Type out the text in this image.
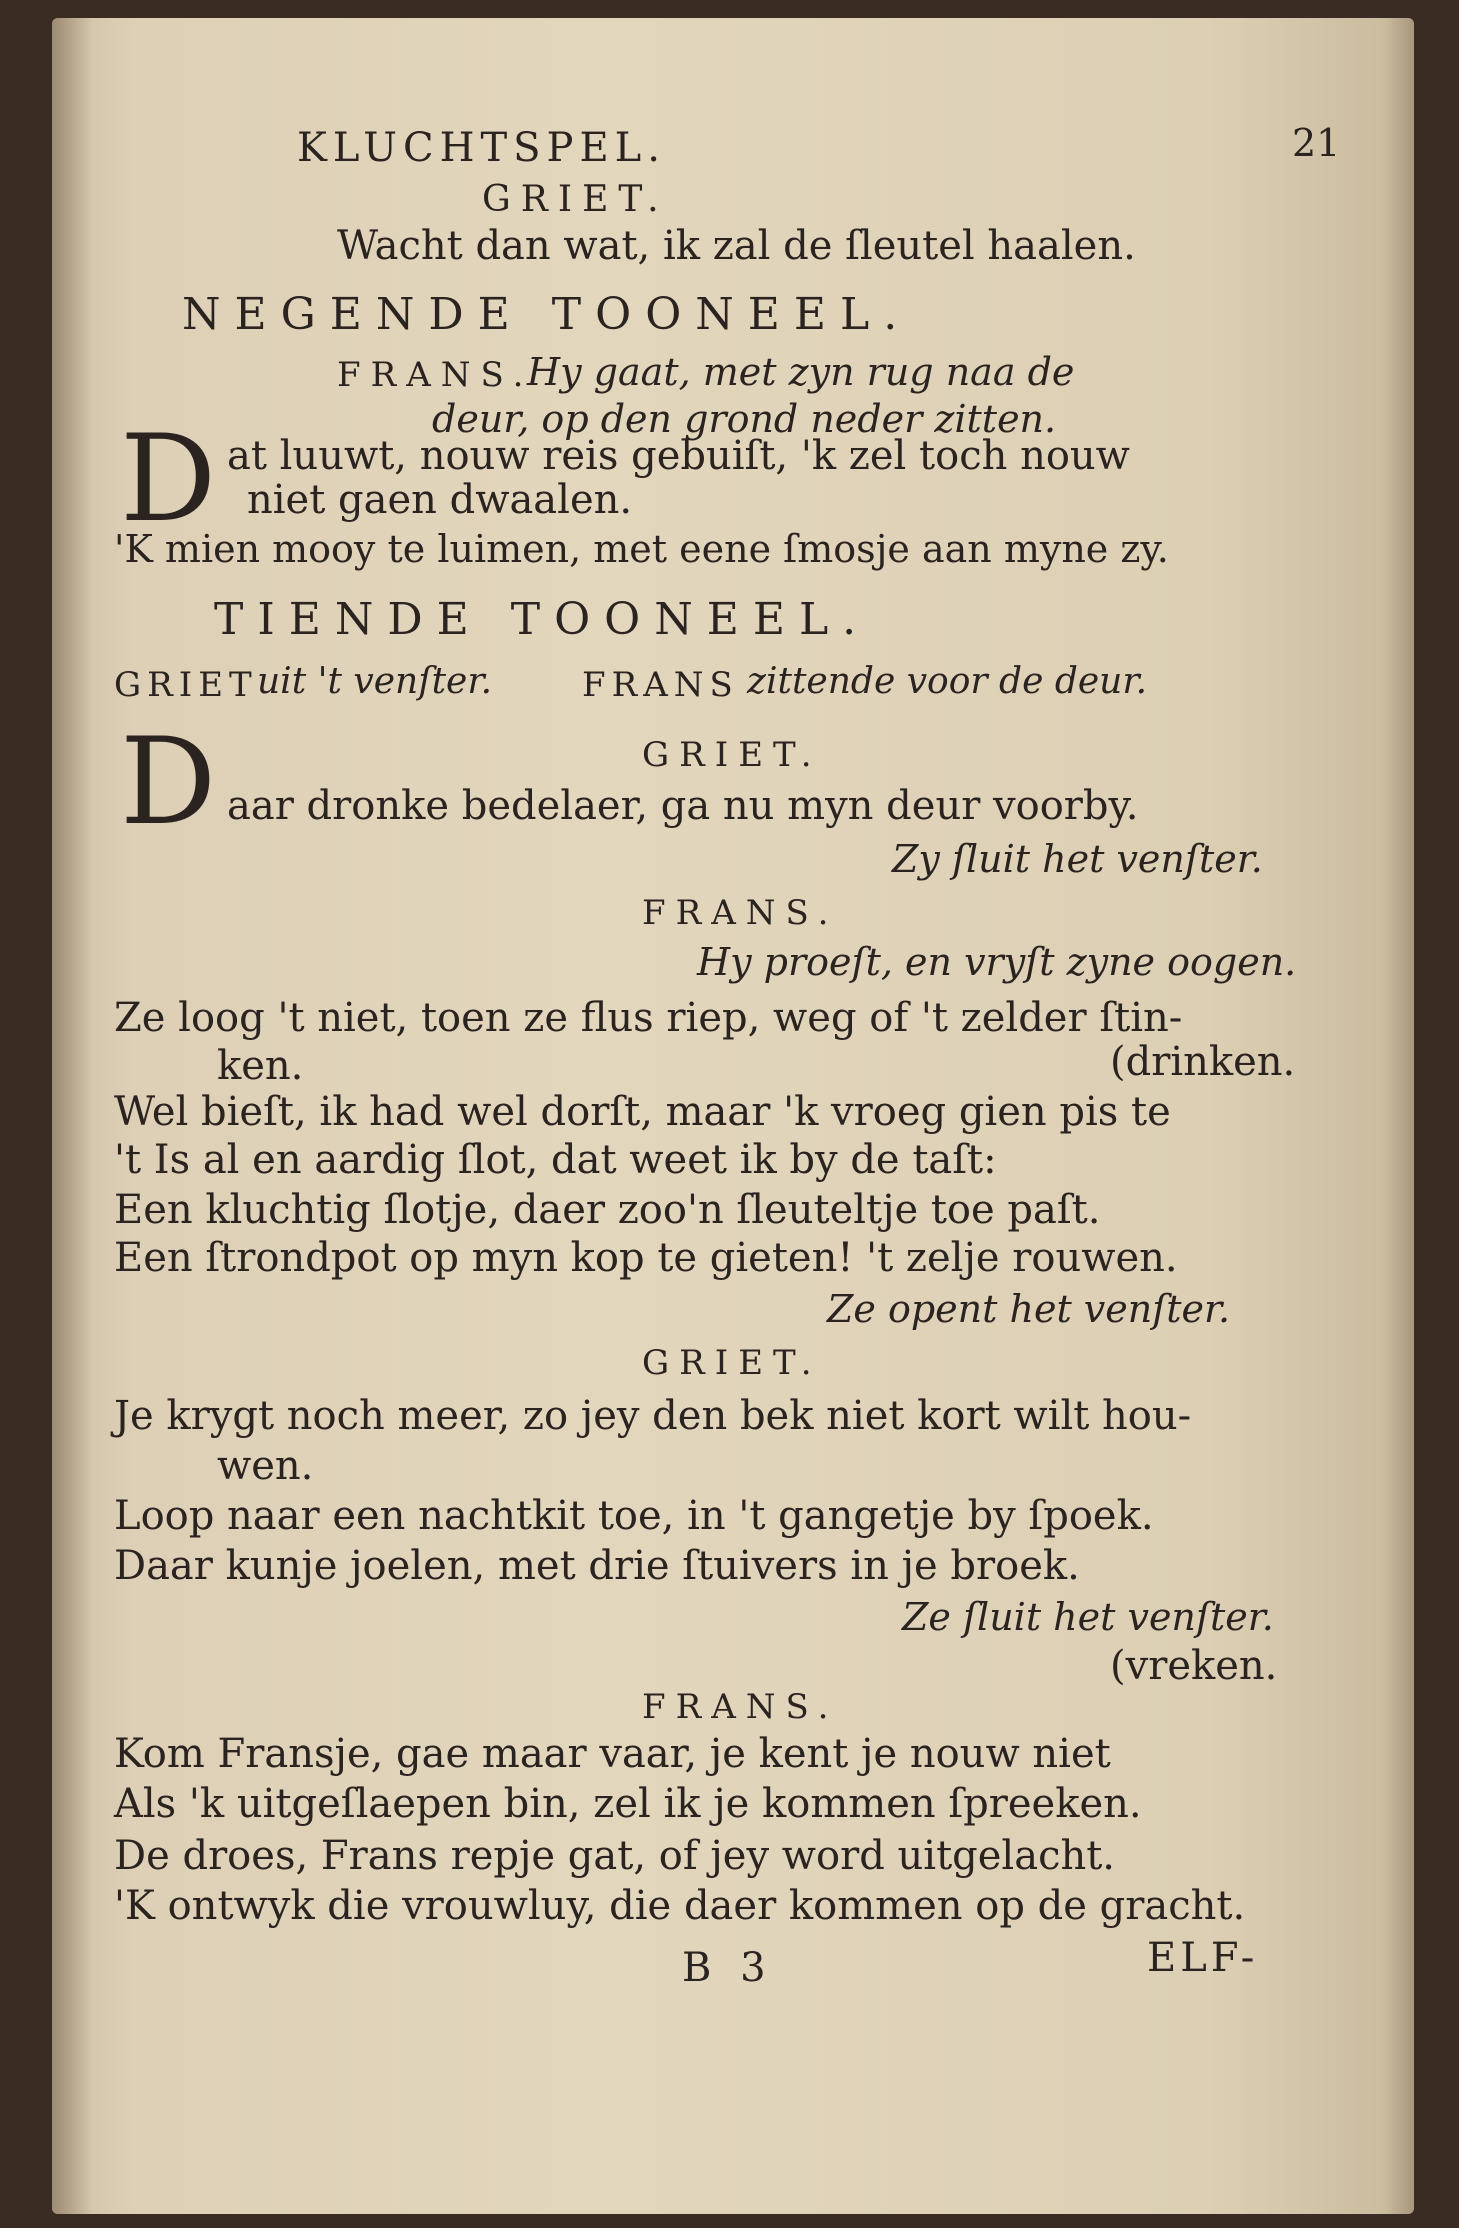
KLUCHTSPEL.	21
GRIET.
Wacht dan wat, ik zal de ſleutel haalen.
NEGENDE TOONEEL.
FRANS.
Hy gaat, met zyn rug naa de
deur, op den grond neder zitten.
D at luuwt, nouw reis gebuiſt, 'k zel toch nouw
niet gaen dwaalen.
'K mien mooy te luimen, met eene ſmosje aan myne zy.
TIENDE TOONEEL.
GRIET uit 't venſter.	FRANS zittende voor de deur.
GRIET.
D aar dronke bedelaer, ga nu myn deur voorby.
Zy ſluit het venſter.
FRANS.
Hy proeſt, en vryſt zyne oogen.
Ze loog 't niet, toen ze flus riep, weg of 't zelder ſtin-
ken.	(drinken.
Wel bieſt, ik had wel dorſt, maar 'k vroeg gien pis te
't Is al en aardig ſlot, dat weet ik by de taſt:
Een kluchtig ſlotje, daer zoo'n ſleuteltje toe paſt.
Een ſtrondpot op myn kop te gieten! 't zelje rouwen.
Ze opent het venſter.
GRIET.
Je krygt noch meer, zo jey den bek niet kort wilt hou-
wen.
Loop naar een nachtkit toe, in 't gangetje by ſpoek.
Daar kunje joelen, met drie ſtuivers in je broek.
Ze ſluit het venſter.
(vreken.
FRANS.
Kom Fransje, gae maar vaar, je kent je nouw niet
Als 'k uitgeſlaepen bin, zel ik je kommen ſpreeken.
De droes, Frans repje gat, of jey word uitgelacht.
'K ontwyk die vrouwluy, die daer kommen op de gracht.
ELF-
B 3
